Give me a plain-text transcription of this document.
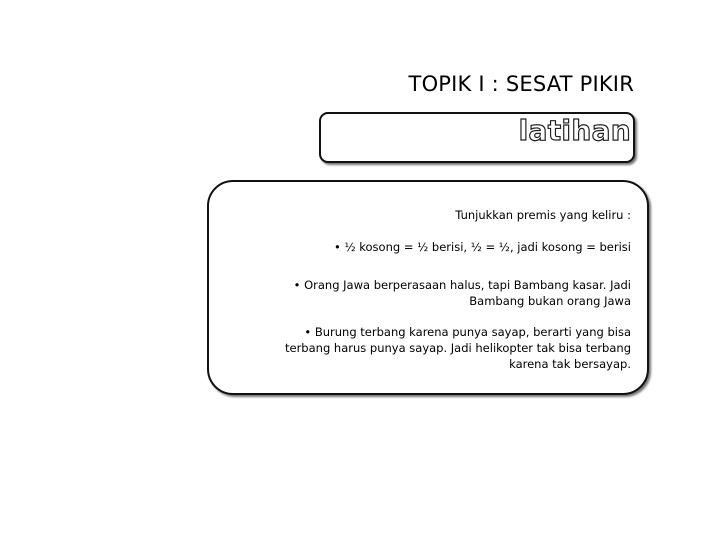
TOPIK I : SESAT PIKIR
latihan
Tunjukkan premis yang keliru :
• ½ kosong = ½ berisi, ½ = ½, jadi kosong = berisi
• Orang Jawa berperasaan halus, tapi Bambang kasar. Jadi
Bambang bukan orang Jawa
• Burung terbang karena punya sayap, berarti yang bisa
terbang harus punya sayap. Jadi helikopter tak bisa terbang
karena tak bersayap.
